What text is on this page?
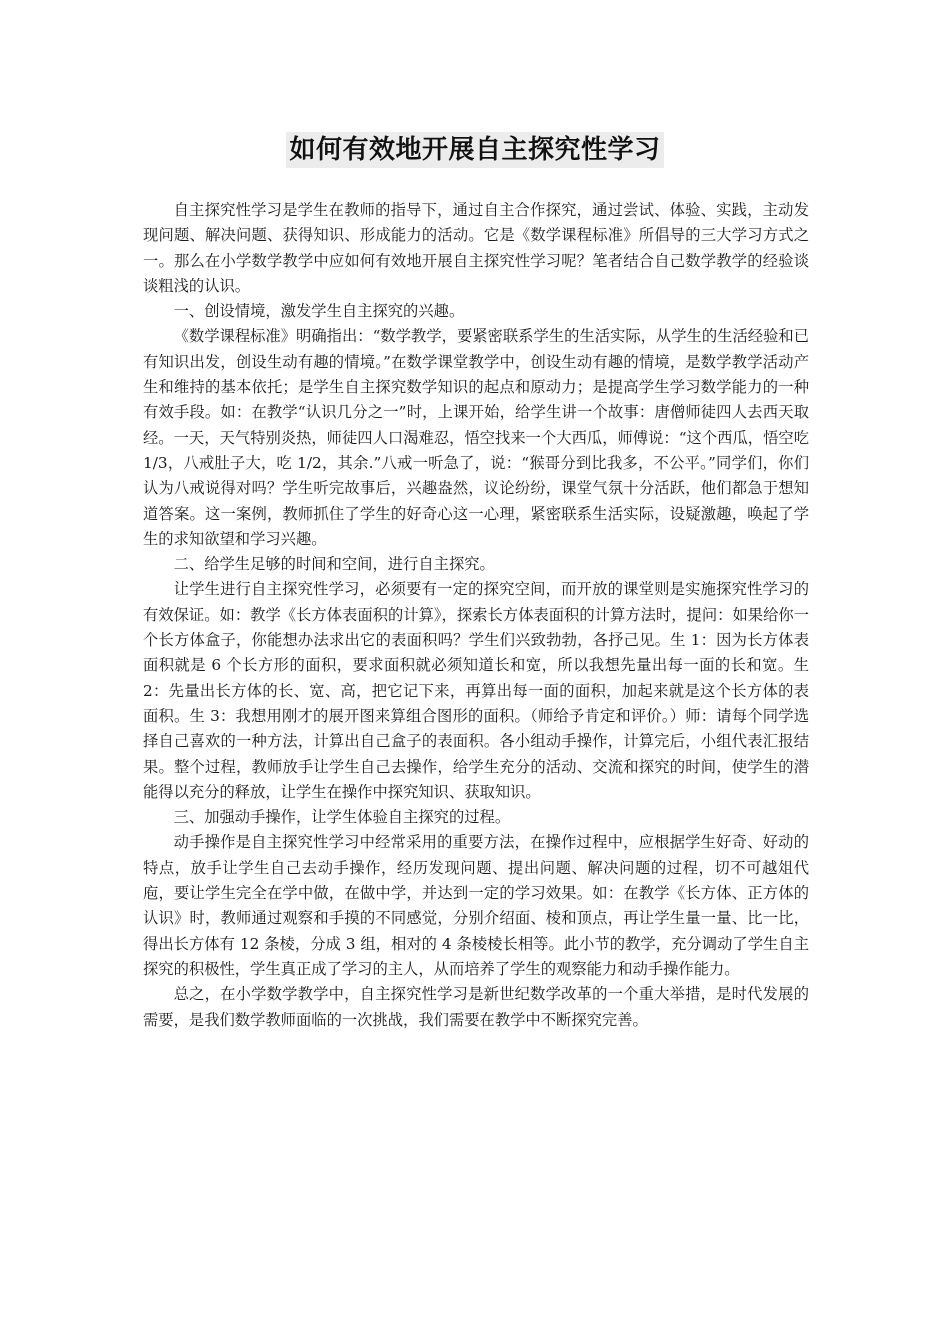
如何有效地开展自主探究性学习

自主探究性学习是学生在教师的指导下，通过自主合作探究，通过尝试、体验、实践，主动发现问题、解决问题、获得知识、形成能力的活动。它是《数学课程标准》所倡导的三大学习方式之一。那么在小学数学教学中应如何有效地开展自主探究性学习呢？笔者结合自己数学教学的经验谈谈粗浅的认识。

一、创设情境，激发学生自主探究的兴趣。

《数学课程标准》明确指出：“数学教学，要紧密联系学生的生活实际，从学生的生活经验和已有知识出发，创设生动有趣的情境。”在数学课堂教学中，创设生动有趣的情境，是数学教学活动产生和维持的基本依托；是学生自主探究数学知识的起点和原动力；是提高学生学习数学能力的一种有效手段。如：在教学“认识几分之一”时，上课开始，给学生讲一个故事：唐僧师徒四人去西天取经。一天，天气特别炎热，师徒四人口渴难忍，悟空找来一个大西瓜，师傅说：“这个西瓜，悟空吃 1/3，八戒肚子大，吃 1/2，其余.”八戒一听急了，说：“猴哥分到比我多，不公平。”同学们，你们认为八戒说得对吗？学生听完故事后，兴趣盎然，议论纷纷，课堂气氛十分活跃，他们都急于想知道答案。这一案例，教师抓住了学生的好奇心这一心理，紧密联系生活实际，设疑激趣，唤起了学生的求知欲望和学习兴趣。

二、给学生足够的时间和空间，进行自主探究。

让学生进行自主探究性学习，必须要有一定的探究空间，而开放的课堂则是实施探究性学习的有效保证。如：教学《长方体表面积的计算》，探索长方体表面积的计算方法时，提问：如果给你一个长方体盒子，你能想办法求出它的表面积吗？学生们兴致勃勃，各抒己见。生 1：因为长方体表面积就是 6 个长方形的面积，要求面积就必须知道长和宽，所以我想先量出每一面的长和宽。生 2：先量出长方体的长、宽、高，把它记下来，再算出每一面的面积，加起来就是这个长方体的表面积。生 3：我想用刚才的展开图来算组合图形的面积。（师给予肯定和评价。）师：请每个同学选择自己喜欢的一种方法，计算出自己盒子的表面积。各小组动手操作，计算完后，小组代表汇报结果。整个过程，教师放手让学生自己去操作，给学生充分的活动、交流和探究的时间，使学生的潜能得以充分的释放，让学生在操作中探究知识、获取知识。

三、加强动手操作，让学生体验自主探究的过程。

动手操作是自主探究性学习中经常采用的重要方法，在操作过程中，应根据学生好奇、好动的特点，放手让学生自己去动手操作，经历发现问题、提出问题、解决问题的过程，切不可越俎代庖，要让学生完全在学中做，在做中学，并达到一定的学习效果。如：在教学《长方体、正方体的认识》时，教师通过观察和手摸的不同感觉，分别介绍面、棱和顶点，再让学生量一量、比一比，得出长方体有 12 条棱，分成 3 组，相对的 4 条棱棱长相等。此小节的教学，充分调动了学生自主探究的积极性，学生真正成了学习的主人，从而培养了学生的观察能力和动手操作能力。

总之，在小学数学教学中，自主探究性学习是新世纪数学改革的一个重大举措，是时代发展的需要，是我们数学教师面临的一次挑战，我们需要在教学中不断探究完善。
